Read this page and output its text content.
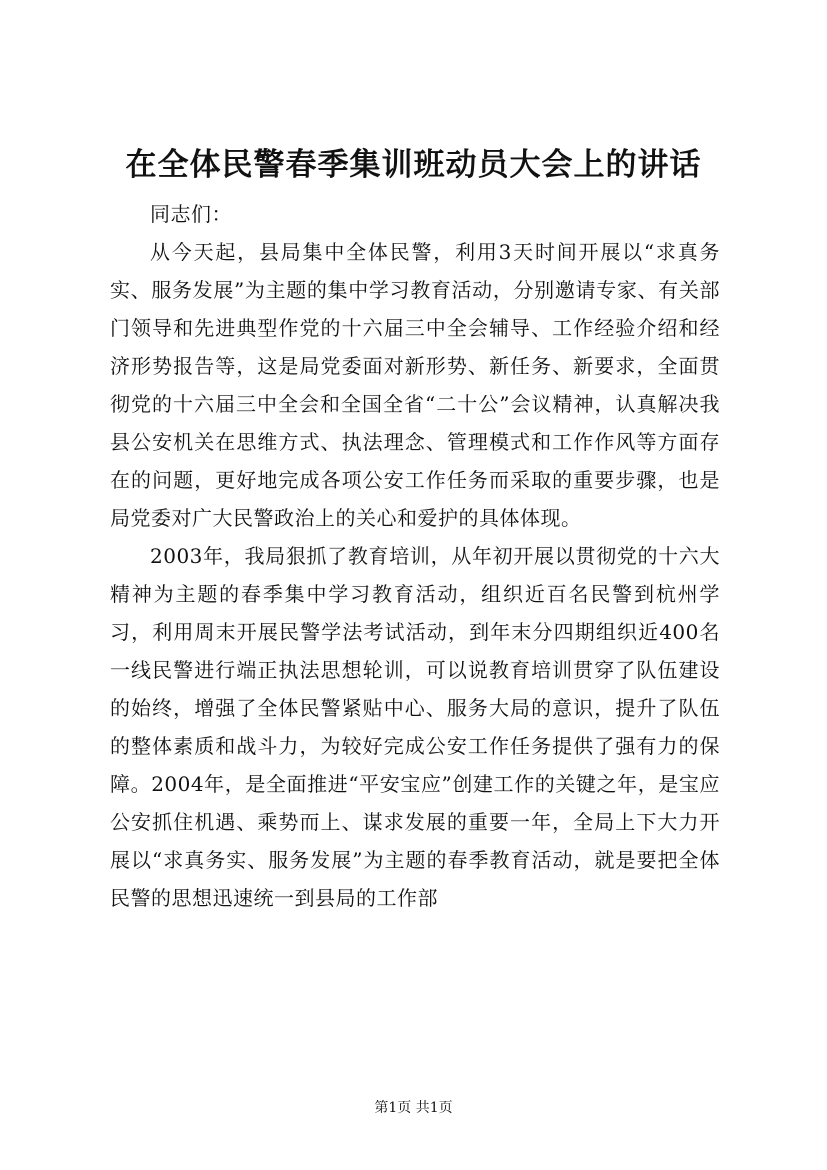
在全体民警春季集训班动员大会上的讲话

同志们：

从今天起，县局集中全体民警，利用3天时间开展以“求真务实、服务发展”为主题的集中学习教育活动，分别邀请专家、有关部门领导和先进典型作党的十六届三中全会辅导、工作经验介绍和经济形势报告等，这是局党委面对新形势、新任务、新要求，全面贯彻党的十六届三中全会和全国全省“二十公”会议精神，认真解决我县公安机关在思维方式、执法理念、管理模式和工作作风等方面存在的问题，更好地完成各项公安工作任务而采取的重要步骤，也是局党委对广大民警政治上的关心和爱护的具体体现。

2003年，我局狠抓了教育培训，从年初开展以贯彻党的十六大精神为主题的春季集中学习教育活动，组织近百名民警到杭州学习，利用周末开展民警学法考试活动，到年末分四期组织近400名一线民警进行端正执法思想轮训，可以说教育培训贯穿了队伍建设的始终，增强了全体民警紧贴中心、服务大局的意识，提升了队伍的整体素质和战斗力，为较好完成公安工作任务提供了强有力的保障。2004年，是全面推进“平安宝应”创建工作的关键之年，是宝应公安抓住机遇、乘势而上、谋求发展的重要一年，全局上下大力开展以“求真务实、服务发展”为主题的春季教育活动，就是要把全体民警的思想迅速统一到县局的工作部

第1页 共1页
